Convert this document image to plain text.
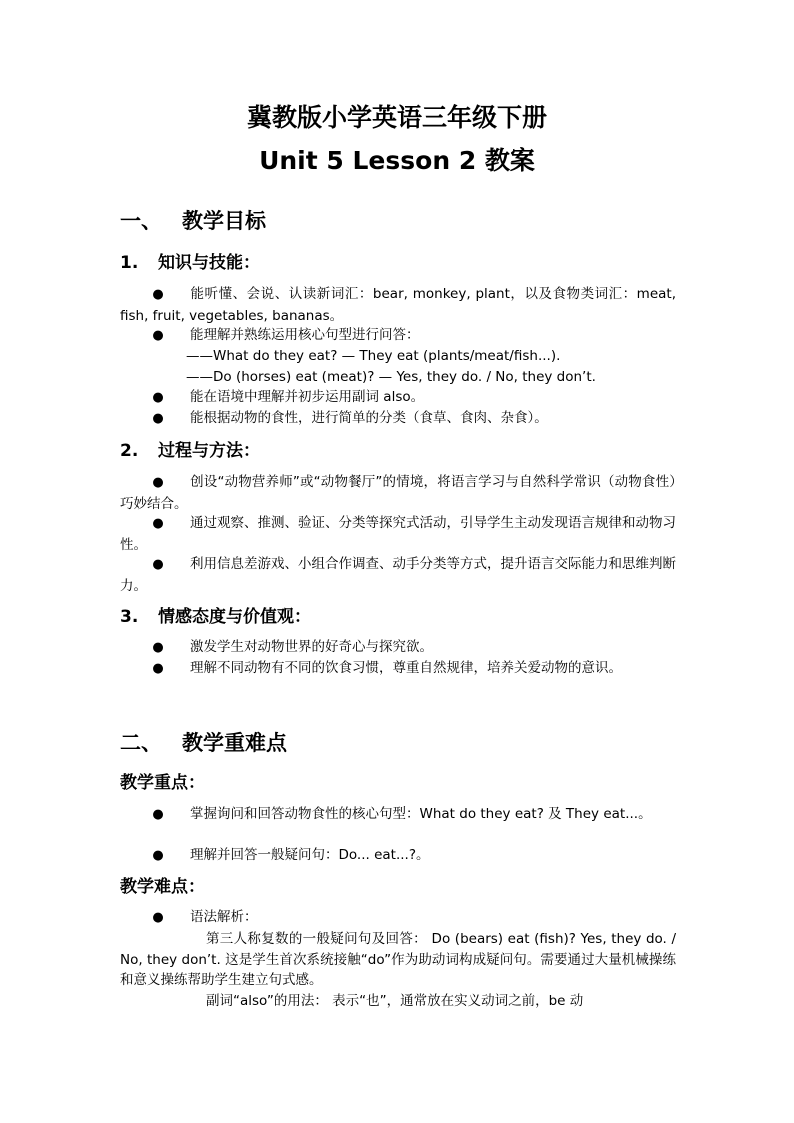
冀教版小学英语三年级下册
Unit 5 Lesson 2 教案
一、 教学目标
1. 知识与技能：

● 能听懂、会说、认读新词汇：bear, monkey, plant，以及食物类词汇：meat, fish, fruit, vegetables, bananas。

● 能理解并熟练运用核心句型进行问答：

——What do they eat? — They eat (plants/meat/fish...).

——Do (horses) eat (meat)? — Yes, they do. / No, they don’t.

● 能在语境中理解并初步运用副词 also。

● 能根据动物的食性，进行简单的分类（食草、食肉、杂食）。

2. 过程与方法：

● 创设“动物营养师”或“动物餐厅”的情境，将语言学习与自然科学常识（动物食性）巧妙结合。

● 通过观察、推测、验证、分类等探究式活动，引导学生主动发现语言规律和动物习性。

● 利用信息差游戏、小组合作调查、动手分类等方式，提升语言交际能力和思维判断力。

3. 情感态度与价值观：

● 激发学生对动物世界的好奇心与探究欲。

● 理解不同动物有不同的饮食习惯，尊重自然规律，培养关爱动物的意识。

二、 教学重难点
教学重点：

● 掌握询问和回答动物食性的核心句型：What do they eat? 及 They eat...。

● 理解并回答一般疑问句：Do... eat...?。

教学难点：

● 语法解析：

第三人称复数的一般疑问句及回答： Do (bears) eat (fish)? Yes, they do. / No, they don’t. 这是学生首次系统接触“do”作为助动词构成疑问句。需要通过大量机械操练和意义操练帮助学生建立句式感。

副词“also”的用法： 表示“也”，通常放在实义动词之前，be 动
